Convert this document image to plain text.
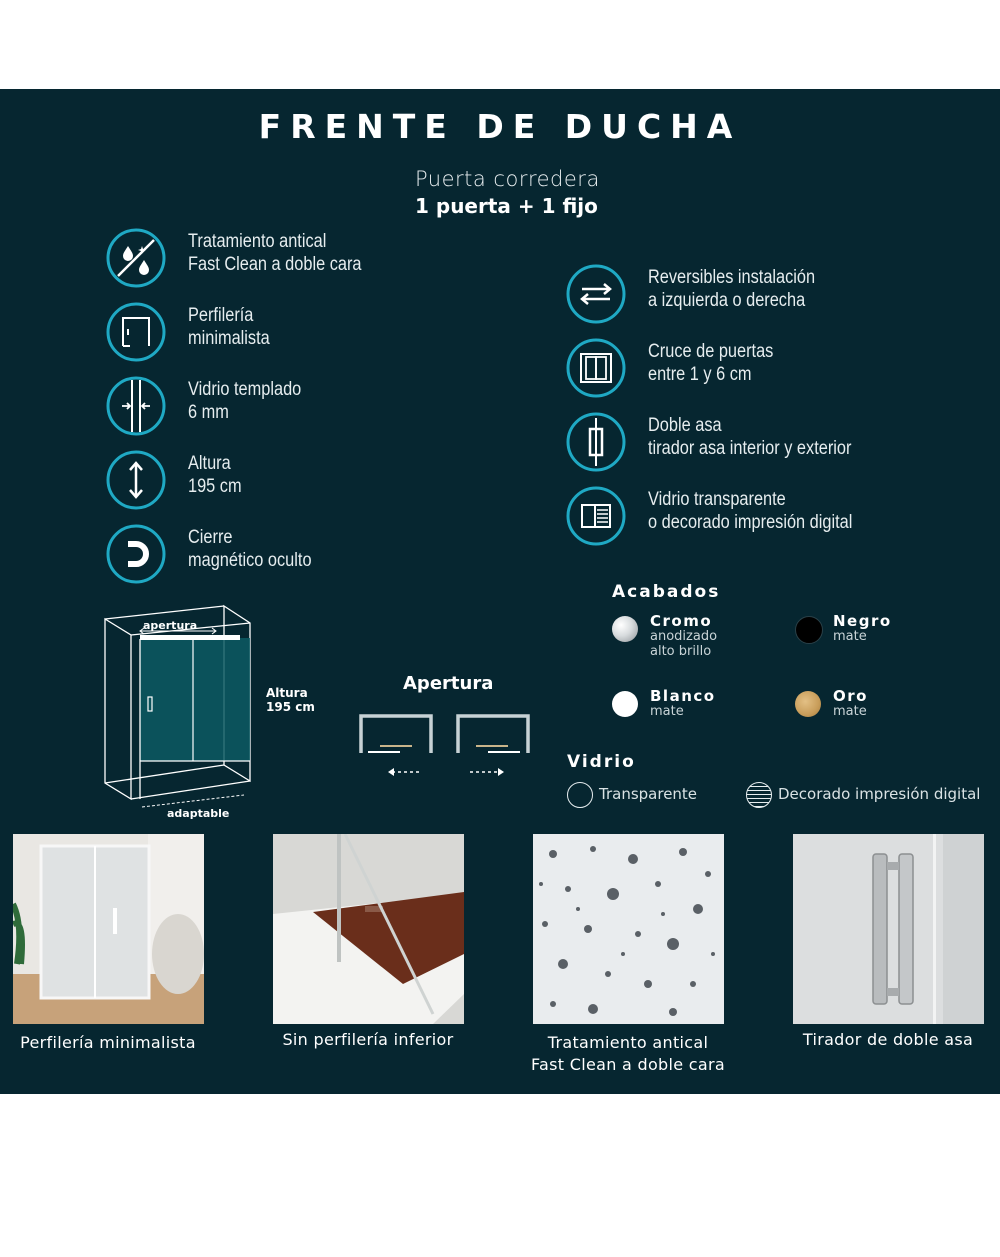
FRENTE DE DUCHA
Puerta corredera
1 puerta + 1 fijo
Tratamiento antical
Fast Clean a doble cara
Perfilería
minimalista
Vidrio templado
6 mm
Altura
195 cm
Cierre
magnético oculto
Reversibles instalación
a izquierda o derecha
Cruce de puertas
entre 1 y 6 cm
Doble asa
tirador asa interior y exterior
Vidrio transparente
o decorado impresión digital
apertura
adaptable
Altura
195 cm
Apertura
Acabados
Cromo
anodizado
alto brillo
Negro
mate
Blanco
mate
Oro
mate
Vidrio
Transparente	Decorado impresión digital
Perfilería minimalista	Sin perfilería inferior	Tratamiento antical
Fast Clean a doble cara
Tirador de doble asa
